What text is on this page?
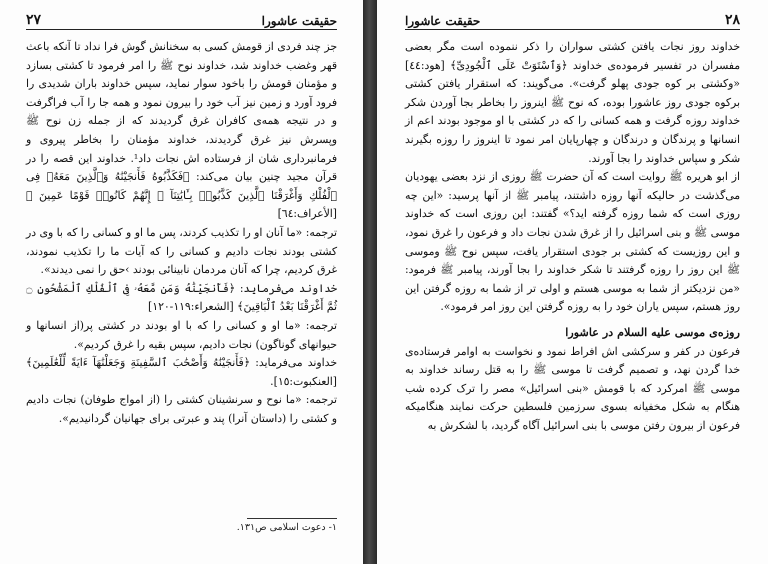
٢٧	حقیقت عاشورا

جز چند فردی از قومش کسی به سخنانش گوش فرا نداد تا آنکه باعث قهر وغضب خداوند شد، خداوند نوح ﷺ را امر فرمود تا کشتی بسازد و مؤمنان قومش را باخود سوار نماید، سپس خداوند باران شدیدی را فرود آورد و زمین نیز آب خود را بیرون نمود و همه جا را آب فراگرفت و در نتیجه همه‌ی کافران غرق گردیدند که از جمله زن نوح ﷺ وپسرش نیز غرق گردیدند، خداوند مؤمنان را بخاطر پیروی و فرمانبرداری شان از فرستاده اش نجات داد¹. خداوند این قصه را در قرآن مجید چنین بیان می‌کند: ﴿فَكَذَّبُوهُ فَأَنجَيْنَٰهُ وَٱلَّذِينَ مَعَهُۥ فِى ٱلْفُلْكِ وَأَغْرَقْنَا ٱلَّذِينَ كَذَّبُوا۟ بِـَٔايَٰتِنَآ ۚ إِنَّهُمْ كَانُوا۟ قَوْمًا عَمِينَ ﴾ [الأعراف:٦٤]

ترجمه: «ما آنان او را تکذیب کردند، پس ما او و کسانی را که با وی در کشتی بودند نجات دادیم و کسانی را که آیات ما را تکذیب نمودند، غرق کردیم، چرا که آنان مردمان نابینائی بودند ›حق را نمی دیدند».

خداوند می‌فرماید: ﴿فَأَنجَيْنَٰهُ وَمَن مَّعَهُۥ فِى ٱلْفُلْكِ ٱلْمَشْحُونِ ۝ ثُمَّ أَغْرَقْنَا بَعْدُ ٱلْبَاقِينَ﴾ [الشعراء:١١٩-١٢٠]

ترجمه: «ما او و کسانی را که با او بودند در کشتی پر(از انسانها و حیوانهای گوناگون) نجات دادیم، سپس بقیه را غرق کردیم».

خداوند می‌فرماید: ﴿فَأَنجَيْنَٰهُ وَأَصْحَٰبَ ٱلسَّفِينَةِ وَجَعَلْنَٰهَآ ءَايَةً لِّلْعَٰلَمِينَ﴾ [العنکبوت:١٥].

ترجمه: «ما نوح و سرنشینان کشتی را (از امواج طوفان) نجات دادیم و کشتی را (داستان آنرا) پند و عبرتی برای جهانیان گردانیدیم».

١- دعوت اسلامی ص١٣١.
حقیقت عاشورا	٢٨

خداوند روز نجات یافتن کشتی سواران را ذکر ننموده است مگر بعضی مفسران در تفسیر فرموده‌ی خداوند ﴿وَٱسْتَوَتْ عَلَى ٱلْجُودِىِّ﴾ [هود:٤٤] «وکشتی بر کوه جودی پهلو گرفت». می‌گویند: که استقرار یافتن کشتی برکوه جودی روز عاشورا بوده، که نوح ﷺ اینروز را بخاطر بجا آوردن شکر خداوند روزه گرفت و همه کسانی را که در کشتی با او موجود بودند اعم از انسانها و پرندگان و درندگان و چهارپایان امر نمود تا اینروز را روزه بگیرند شکر و سپاس خداوند را بجا آورند.

از ابو هریره ﷺ روایت است که آن حضرت ﷺ روزی از نزد بعضی یهودیان می‌گذشت در حالیکه آنها روزه داشتند، پیامبر ﷺ از آنها پرسید: «این چه روزی است که شما روزه گرفته اید؟» گفتند: این روزی است که خداوند موسی ﷺ و بنی اسرائیل را از غرق شدن نجات داد و فرعون را غرق نمود، و این روزیست که کشتی بر جودی استقرار یافت، سپس نوح ﷺ وموسی ﷺ این روز را روزه گرفتند تا شکر خداوند را بجا آورند، پیامبر ﷺ فرمود: «من نزدیکتر از شما به موسی هستم و اولی تر از شما به روزه گرفتن این روز هستم، سپس یاران خود را به روزه گرفتن این روز امر فرمود».

روزه‌ی موسی علیه السلام در عاشورا

فرعون در کفر و سرکشی اش افراط نمود و نخواست به اوامر فرستاده‌ی خدا گردن نهد، و تصمیم گرفت تا موسی ﷺ را به قتل رساند خداوند به موسی ﷺ امرکرد که با قومش «بنی اسرائیل» مصر را ترک کرده شب هنگام به شکل مخفیانه بسوی سرزمین فلسطین حرکت نمایند هنگامیکه فرعون از بیرون رفتن موسی با بنی اسرائیل آگاه گردید، با لشکرش به
